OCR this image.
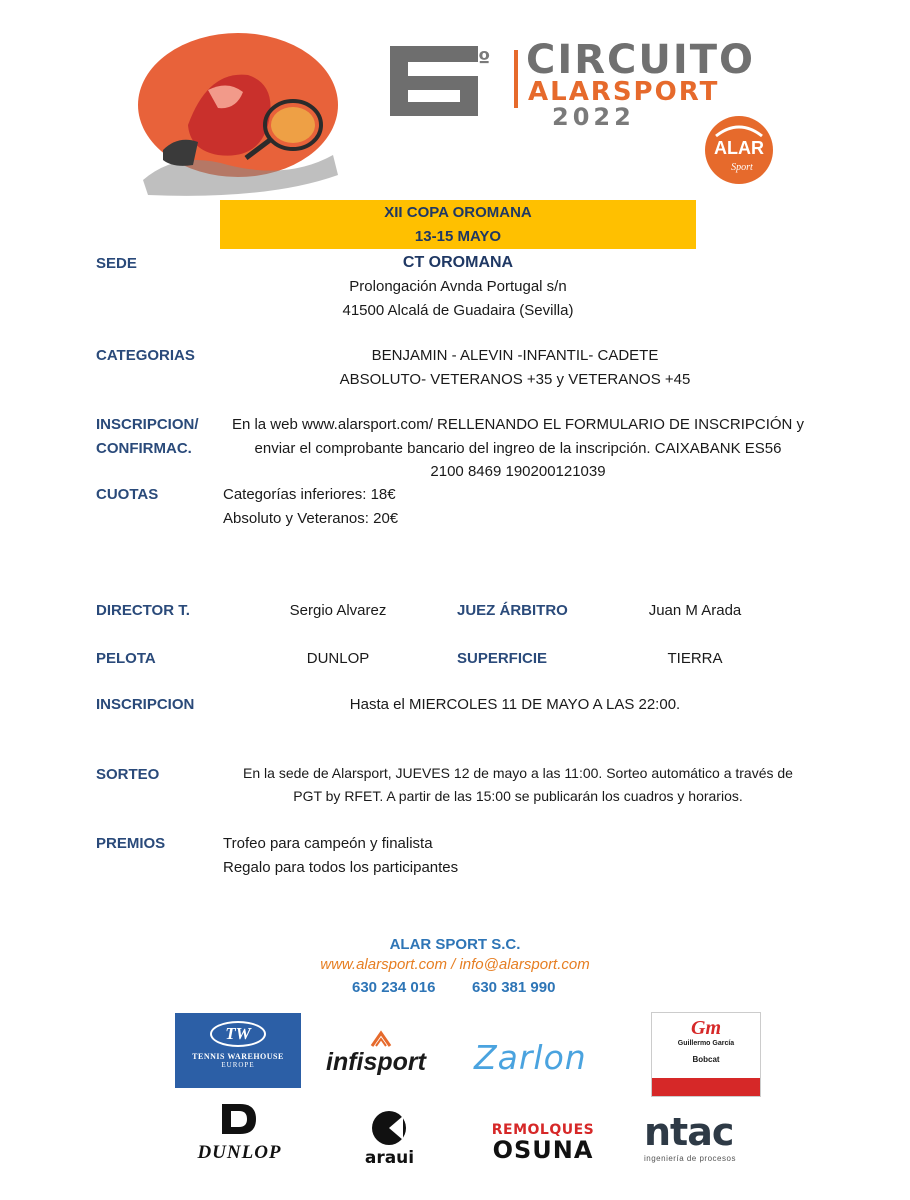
º CIRCUITO
ALARSPORT
2022
ALAR
Sport
XII COPA OROMANA
13-15 MAYO
SEDE	CT OROMANA
Prolongación Avnda Portugal s/n
41500 Alcalá de Guadaira (Sevilla)
CATEGORIAS	BENJAMIN - ALEVIN -INFANTIL- CADETE
ABSOLUTO- VETERANOS +35 y VETERANOS +45
INSCRIPCION/
CONFIRMAC.
En la web www.alarsport.com/ RELLENANDO EL FORMULARIO DE INSCRIPCIÓN y
enviar el comprobante bancario del ingreo de la inscripción. CAIXABANK ES56
2100 8469 190200121039
CUOTAS	Categorías inferiores: 18€
Absoluto y Veteranos: 20€
DIRECTOR T.	Sergio Alvarez	JUEZ ÁRBITRO	Juan M Arada
PELOTA	DUNLOP	SUPERFICIE	TIERRA
INSCRIPCION	Hasta el MIERCOLES 11 DE MAYO A LAS 22:00.
SORTEO	En la sede de Alarsport, JUEVES 12 de mayo a las 11:00. Sorteo automático a través de
PGT by RFET. A partir de las 15:00 se publicarán los cuadros y horarios.
PREMIOS	Trofeo para campeón y finalista
Regalo para todos los participantes
ALAR SPORT S.C.
www.alarsport.com / info@alarsport.com
630 234 016 630 381 990
TW
TENNIS WAREHOUSE
EUROPE	infisport Zarlon
Gm
Guillermo García
Bobcat
DUNLOP	araui
REMOLQUES
OSUNA	ntac
ingeniería de procesos
